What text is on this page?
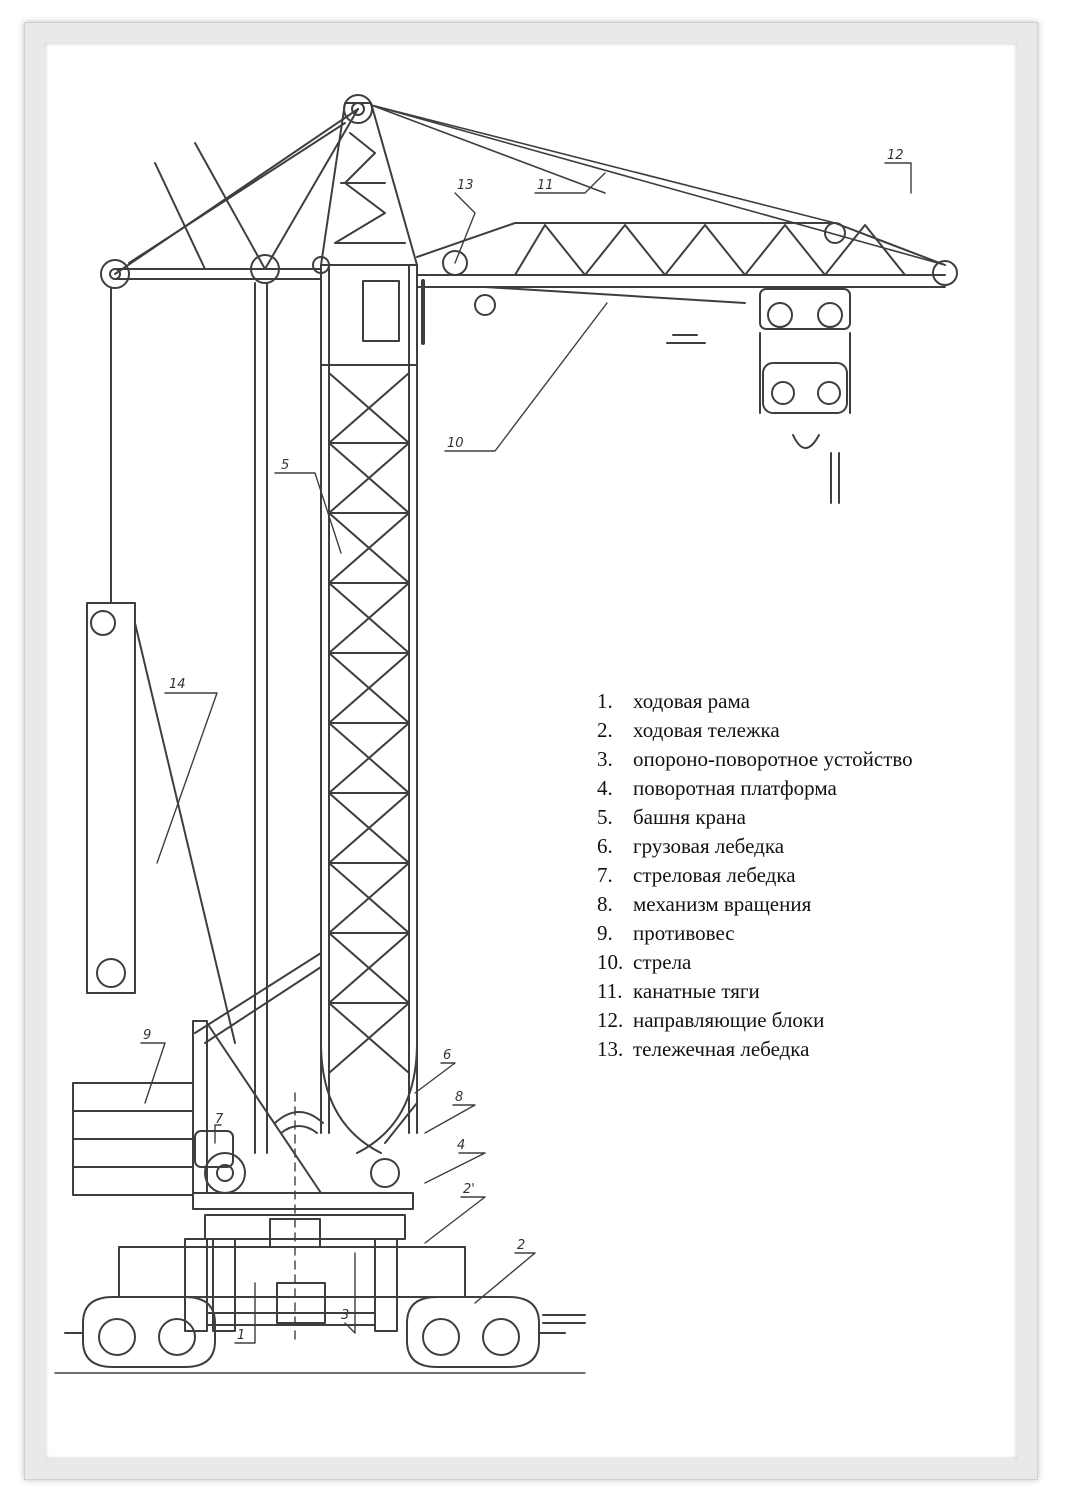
14
5
10
13	11
12
9
6
8
4
2'
7
1
3
2
1. ходовая рама
2. ходовая тележка
3. опороно-поворотное устойство
4. поворотная платформа
5. башня крана
6. грузовая лебедка
7. стреловая лебедка
8. механизм вращения
9. противовес
10. стрела
11. канатные тяги
12. направляющие блоки
13. тележечная лебедка
